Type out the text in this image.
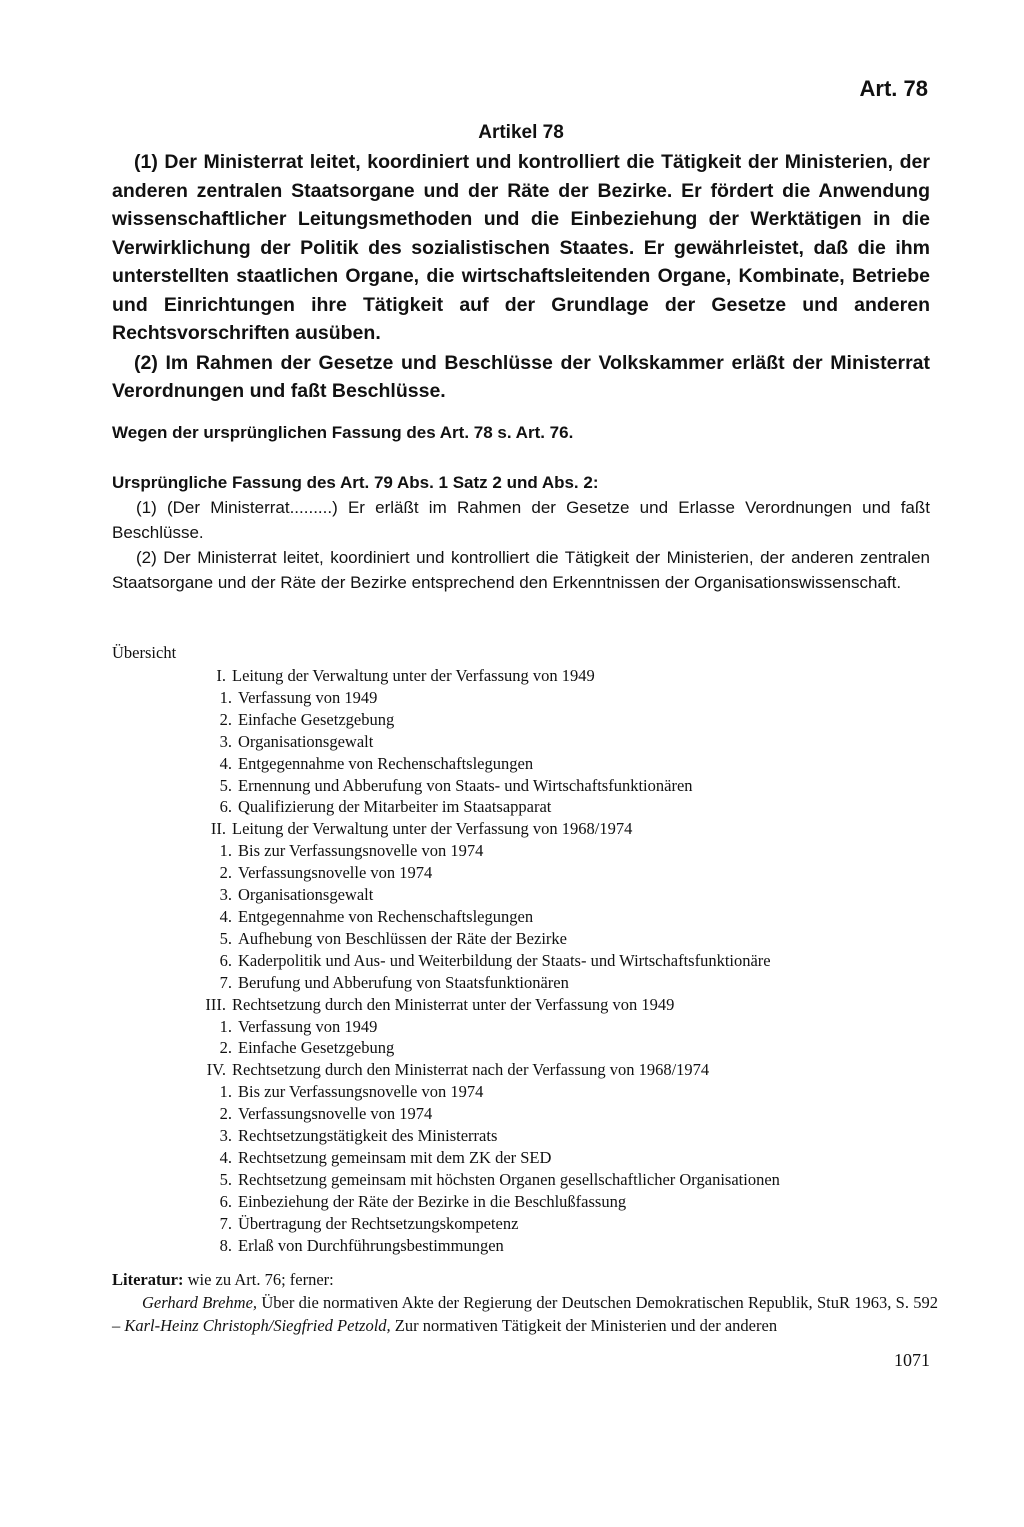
Art. 78
Artikel 78

(1) Der Ministerrat leitet, koordiniert und kontrolliert die Tätigkeit der Ministerien, der anderen zentralen Staatsorgane und der Räte der Bezirke. Er fördert die Anwendung wissenschaftlicher Leitungsmethoden und die Einbeziehung der Werktätigen in die Verwirklichung der Politik des sozialistischen Staates. Er gewährleistet, daß die ihm unterstellten staatlichen Organe, die wirtschaftsleitenden Organe, Kombinate, Betriebe und Einrichtungen ihre Tätigkeit auf der Grundlage der Gesetze und anderen Rechtsvorschriften ausüben.

(2) Im Rahmen der Gesetze und Beschlüsse der Volkskammer erläßt der Ministerrat Verordnungen und faßt Beschlüsse.

Wegen der ursprünglichen Fassung des Art. 78 s. Art. 76.
Ursprüngliche Fassung des Art. 79 Abs. 1 Satz 2 und Abs. 2:

(1) (Der Ministerrat.........) Er erläßt im Rahmen der Gesetze und Erlasse Verordnungen und faßt Beschlüsse.

(2) Der Ministerrat leitet, koordiniert und kontrolliert die Tätigkeit der Ministerien, der anderen zentralen Staatsorgane und der Räte der Bezirke entsprechend den Erkenntnissen der Organisationswissenschaft.

Übersicht
I. Leitung der Verwaltung unter der Verfassung von 1949
1. Verfassung von 1949
2. Einfache Gesetzgebung
3. Organisationsgewalt
4. Entgegennahme von Rechenschaftslegungen
5. Ernennung und Abberufung von Staats- und Wirtschaftsfunktionären
6. Qualifizierung der Mitarbeiter im Staatsapparat
II. Leitung der Verwaltung unter der Verfassung von 1968/1974
1. Bis zur Verfassungsnovelle von 1974
2. Verfassungsnovelle von 1974
3. Organisationsgewalt
4. Entgegennahme von Rechenschaftslegungen
5. Aufhebung von Beschlüssen der Räte der Bezirke
6. Kaderpolitik und Aus- und Weiterbildung der Staats- und Wirtschaftsfunktionäre
7. Berufung und Abberufung von Staatsfunktionären
III. Rechtsetzung durch den Ministerrat unter der Verfassung von 1949
1. Verfassung von 1949
2. Einfache Gesetzgebung
IV. Rechtsetzung durch den Ministerrat nach der Verfassung von 1968/1974
1. Bis zur Verfassungsnovelle von 1974
2. Verfassungsnovelle von 1974
3. Rechtsetzungstätigkeit des Ministerrats
4. Rechtsetzung gemeinsam mit dem ZK der SED
5. Rechtsetzung gemeinsam mit höchsten Organen gesellschaftlicher Organisationen
6. Einbeziehung der Räte der Bezirke in die Beschlußfassung
7. Übertragung der Rechtsetzungskompetenz
8. Erlaß von Durchführungsbestimmungen

Literatur: wie zu Art. 76; ferner:

Gerhard Brehme, Über die normativen Akte der Regierung der Deutschen Demokratischen Republik, StuR 1963, S. 592 – Karl-Heinz Christoph/Siegfried Petzold, Zur normativen Tätigkeit der Ministerien und der anderen

1071
